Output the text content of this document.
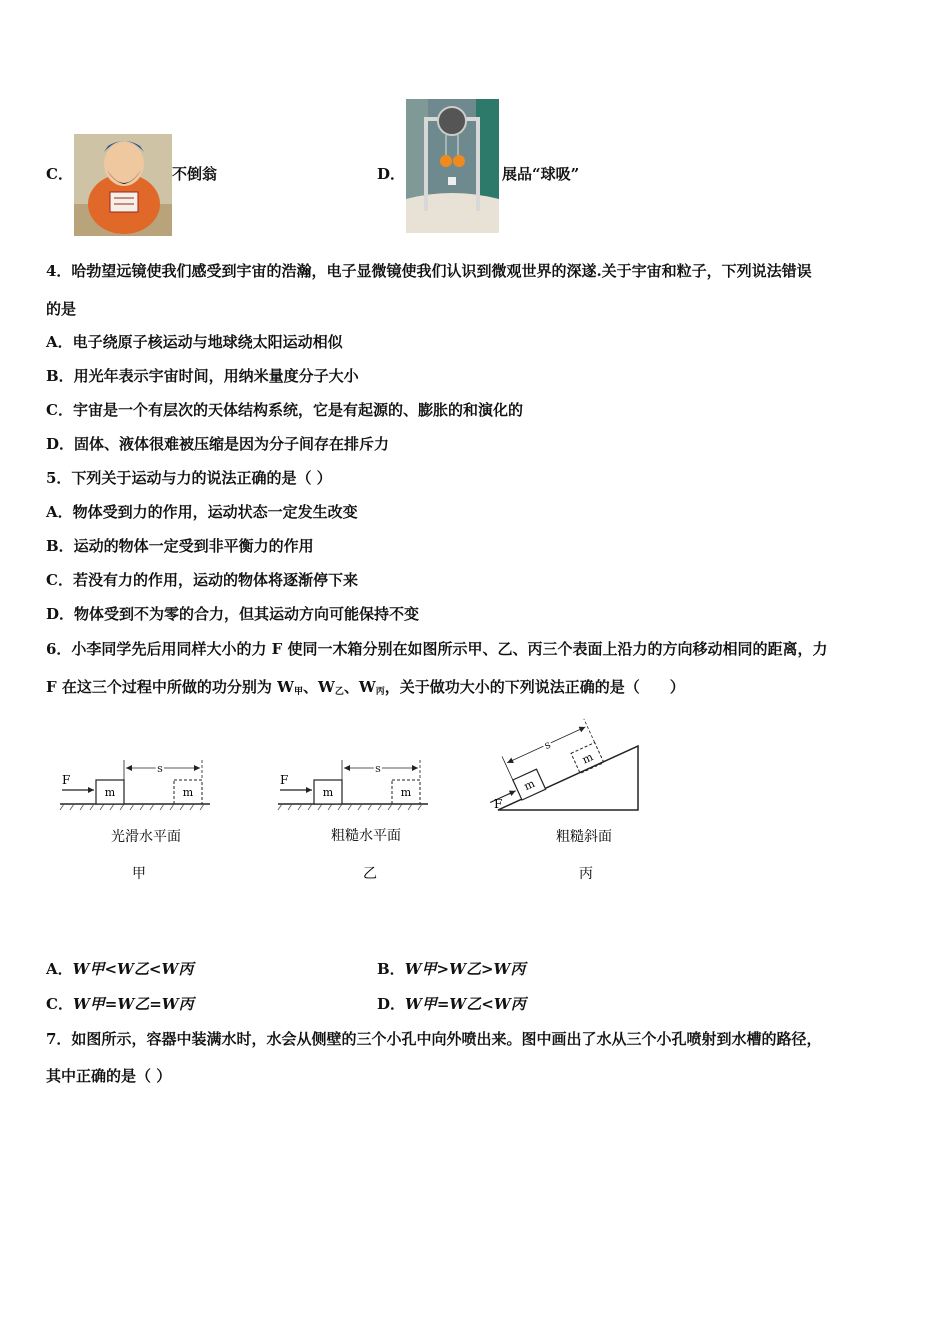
C．	不倒翁	D．	展品“球吸”
4．哈勃望远镜使我们感受到宇宙的浩瀚，电子显微镜使我们认识到微观世界的深遂.关于宇宙和粒子，下列说法错误
的是
A．电子绕原子核运动与地球绕太阳运动相似
B．用光年表示宇宙时间，用纳米量度分子大小
C．宇宙是一个有层次的天体结构系统，它是有起源的、膨胀的和演化的
D．固体、液体很难被压缩是因为分子间存在排斥力
5．下列关于运动与力的说法正确的是（ ）
A．物体受到力的作用，运动状态一定发生改变
B．运动的物体一定受到非平衡力的作用
C．若没有力的作用，运动的物体将逐渐停下来
D．物体受到不为零的合力，但其运动方向可能保持不变
6．小李同学先后用同样大小的力 F 使同一木箱分别在如图所示甲、乙、丙三个表面上沿力的方向移动相同的距离，力
F 在这三个过程中所做的功分别为 $W_甲$、$W_乙$、$W_丙$，关于做功大小的下列说法正确的是（　　）
m	m
F
s
光滑水平面
甲
m	m
F
s
粗糙水平面
乙
m
m
s
F
粗糙斜面
丙
A．W甲<W乙<W丙	B．W甲>W乙>W丙
C．W甲=W乙=W丙	D．W甲=W乙<W丙
7．如图所示，容器中装满水时，水会从侧壁的三个小孔中向外喷出来。图中画出了水从三个小孔喷射到水槽的路径，
其中正确的是（ ）
